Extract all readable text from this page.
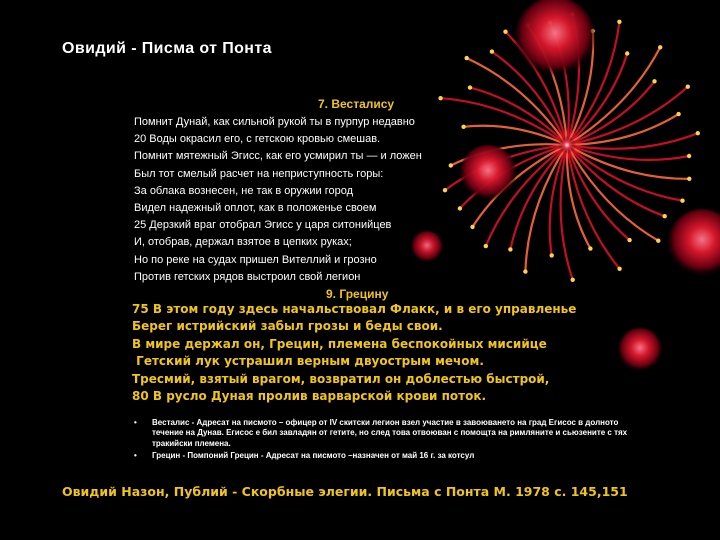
Овидий - Писма от Понта
7. Весталису
Помнит Дунай, как сильной рукой ты в пурпур недавно
20 Воды окрасил его, с гетскою кровью смешав.
Помнит мятежный Эгисс, как его усмирил ты — и ложен
Был тот смелый расчет на неприступность горы:
За облака вознесен, не так в оружии город
Видел надежный оплот, как в положенье своем
25 Дерзкий враг отобрал Эгисс у царя ситонийцев
И, отобрав, держал взятое в цепких руках;
Но по реке на судах пришел Вителлий и грозно
Против гетских рядов выстроил свой легион
9. Грецину
75 В этом году здесь начальствовал Флакк, и в его управленье
Берег истрийский забыл грозы и беды свои.
В мире держал он, Грецин, племена беспокойных мисийце
Гетский лук устрашил верным двуострым мечом.
Тресмий, взятый врагом, возвратил он доблестью быстрой,
80 В русло Дуная пролив варварской крови поток.
• Весталис - Адресат на писмото – офицер от IV скитски легион взел участие в завоюването на град Егисос в долното течение на Дунав. Егисос е бил завладян от гетите, но след това отвоюван с помощта на римляните и сьюзените с тях тракийски племена.
• Грецин - Помпоний Грецин - Адресат на писмото –назначен от май 16 г. за котсул
Овидий Назон, Публий - Скорбные элегии. Письма с Понта М. 1978 с. 145,151
